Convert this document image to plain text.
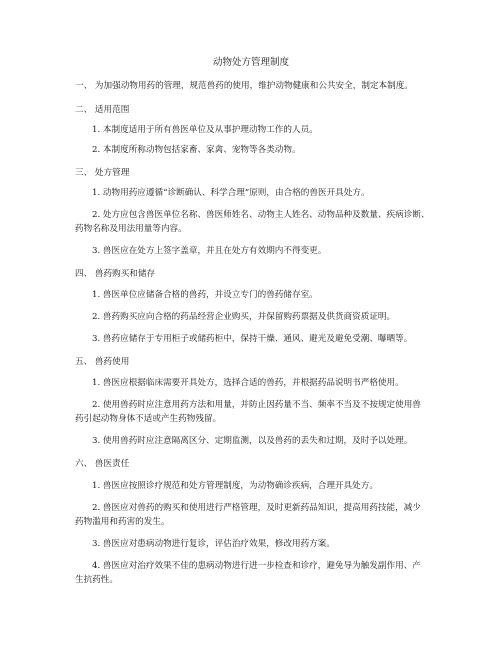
动物处方管理制度
一、 为加强动物用药的管理，规范兽药的使用，维护动物健康和公共安全，制定本制度。
二、 适用范围
1. 本制度适用于所有兽医单位及从事护理动物工作的人员。
2. 本制度所称动物包括家畜、家禽、宠物等各类动物。
三、 处方管理
1. 动物用药应遵循“诊断确认、科学合理”原则，由合格的兽医开具处方。
2. 处方应包含兽医单位名称、兽医师姓名、动物主人姓名、动物品种及数量、疾病诊断、
药物名称及用法用量等内容。
3. 兽医应在处方上签字盖章，并且在处方有效期内不得变更。
四、 兽药购买和储存
1. 兽医单位应储备合格的兽药，并设立专门的兽药储存室。
2. 兽药购买应向合格的药品经营企业购买，并保留购药票据及供货商资质证明。
3. 兽药应储存于专用柜子或储药柜中，保持干燥、通风、避光及避免受潮、曝晒等。
五、 兽药使用
1. 兽医应根据临床需要开具处方，选择合适的兽药，并根据药品说明书严格使用。
2. 使用兽药时应注意用药方法和用量，并防止因药量不当、频率不当及不按规定使用兽
药引起动物身体不适或产生药物残留。
3. 使用兽药时应注意隔离区分、定期监测，以及兽药的丢失和过期，及时予以处理。
六、 兽医责任
1. 兽医应按照诊疗规范和处方管理制度，为动物确诊疾病，合理开具处方。
2. 兽医应对兽药的购买和使用进行严格管理，及时更新药品知识，提高用药技能，减少
药物滥用和药害的发生。
3. 兽医应对患病动物进行复诊，评估治疗效果，修改用药方案。
4. 兽医应对治疗效果不佳的患病动物进行进一步检查和诊疗，避免导为触发副作用、产
生抗药性。
